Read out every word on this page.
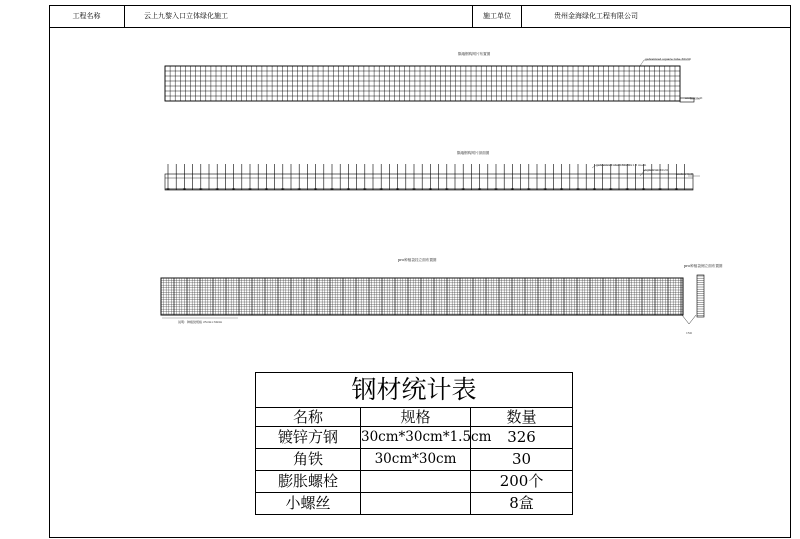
工程名称	云上九黎入口立体绿化施工	施工单位	贵州金海绿化工程有限公司
隔墙钢构网片布置图
galvanized square tube 30x30
anchor bolt
隔墙钢构网片剖面图
galvanized steel 30x30x1.5 mesh
angle iron 30x30
anchor bolt
pro种植袋挂立面布置图
pro种植袋侧立面布置图
说明：种植袋规格 25cm×30cm
150
钢材统计表		
名称	规格	数量
镀锌方钢	30cm*30cm*1.5cm	326
角铁	30cm*30cm	30
膨胀螺栓		200个
小螺丝		8盒
